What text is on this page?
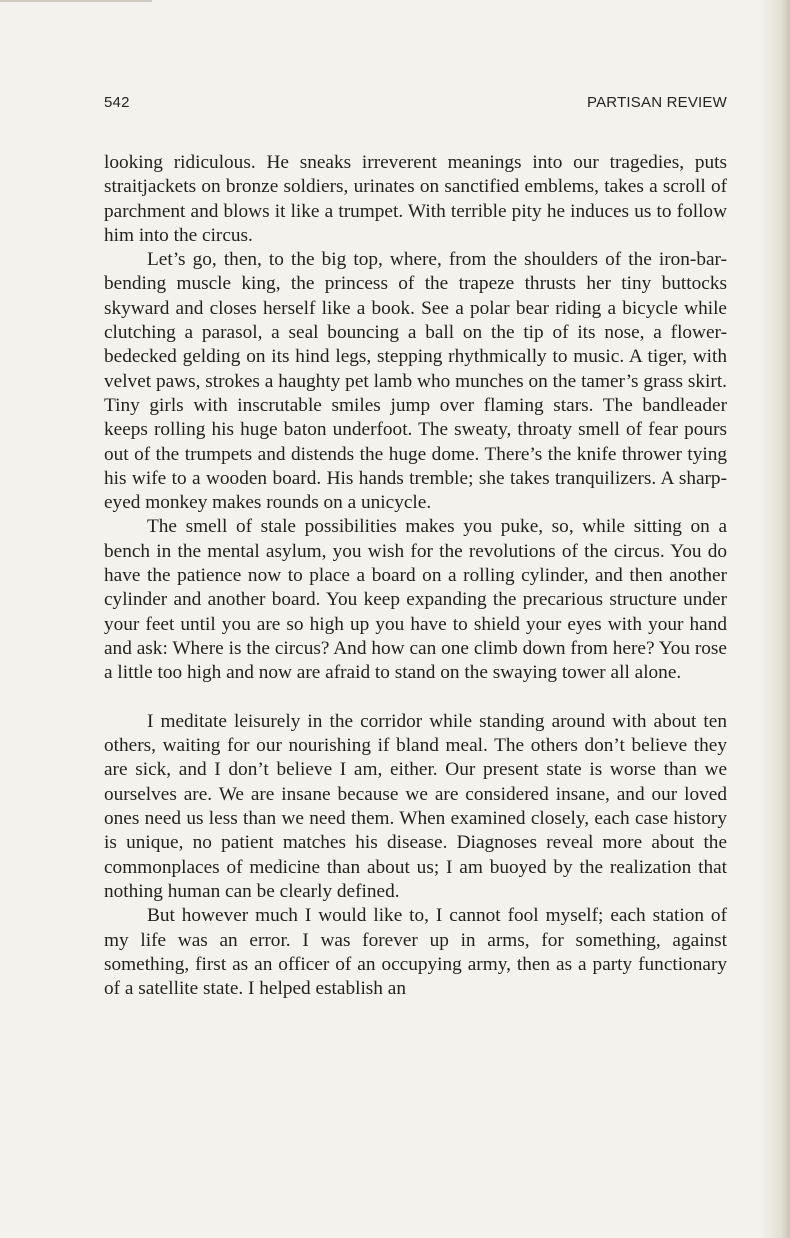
542	PARTISAN REVIEW

looking ridiculous. He sneaks irreverent meanings into our tragedies, puts straitjackets on bronze soldiers, urinates on sanctified emblems, takes a scroll of parchment and blows it like a trumpet. With terrible pity he induces us to follow him into the circus.

Let’s go, then, to the big top, where, from the shoulders of the iron-bar-bending muscle king, the princess of the trapeze thrusts her tiny buttocks skyward and closes herself like a book. See a polar bear riding a bicycle while clutching a parasol, a seal bouncing a ball on the tip of its nose, a flower-bedecked gelding on its hind legs, stepping rhythmically to music. A tiger, with velvet paws, strokes a haughty pet lamb who munches on the tamer’s grass skirt. Tiny girls with inscrutable smiles jump over flaming stars. The bandleader keeps rolling his huge baton underfoot. The sweaty, throaty smell of fear pours out of the trumpets and distends the huge dome. There’s the knife thrower tying his wife to a wooden board. His hands tremble; she takes tranquilizers. A sharp-eyed monkey makes rounds on a unicycle.

The smell of stale possibilities makes you puke, so, while sitting on a bench in the mental asylum, you wish for the revolutions of the circus. You do have the patience now to place a board on a rolling cylinder, and then another cylinder and another board. You keep expanding the precarious structure under your feet until you are so high up you have to shield your eyes with your hand and ask: Where is the circus? And how can one climb down from here? You rose a little too high and now are afraid to stand on the swaying tower all alone.

I meditate leisurely in the corridor while standing around with about ten others, waiting for our nourishing if bland meal. The others don’t believe they are sick, and I don’t believe I am, either. Our present state is worse than we ourselves are. We are insane because we are considered insane, and our loved ones need us less than we need them. When examined closely, each case history is unique, no patient matches his disease. Diagnoses reveal more about the commonplaces of medicine than about us; I am buoyed by the realization that nothing human can be clearly defined.

But however much I would like to, I cannot fool myself; each station of my life was an error. I was forever up in arms, for something, against something, first as an officer of an occupying army, then as a party functionary of a satellite state. I helped establish an
